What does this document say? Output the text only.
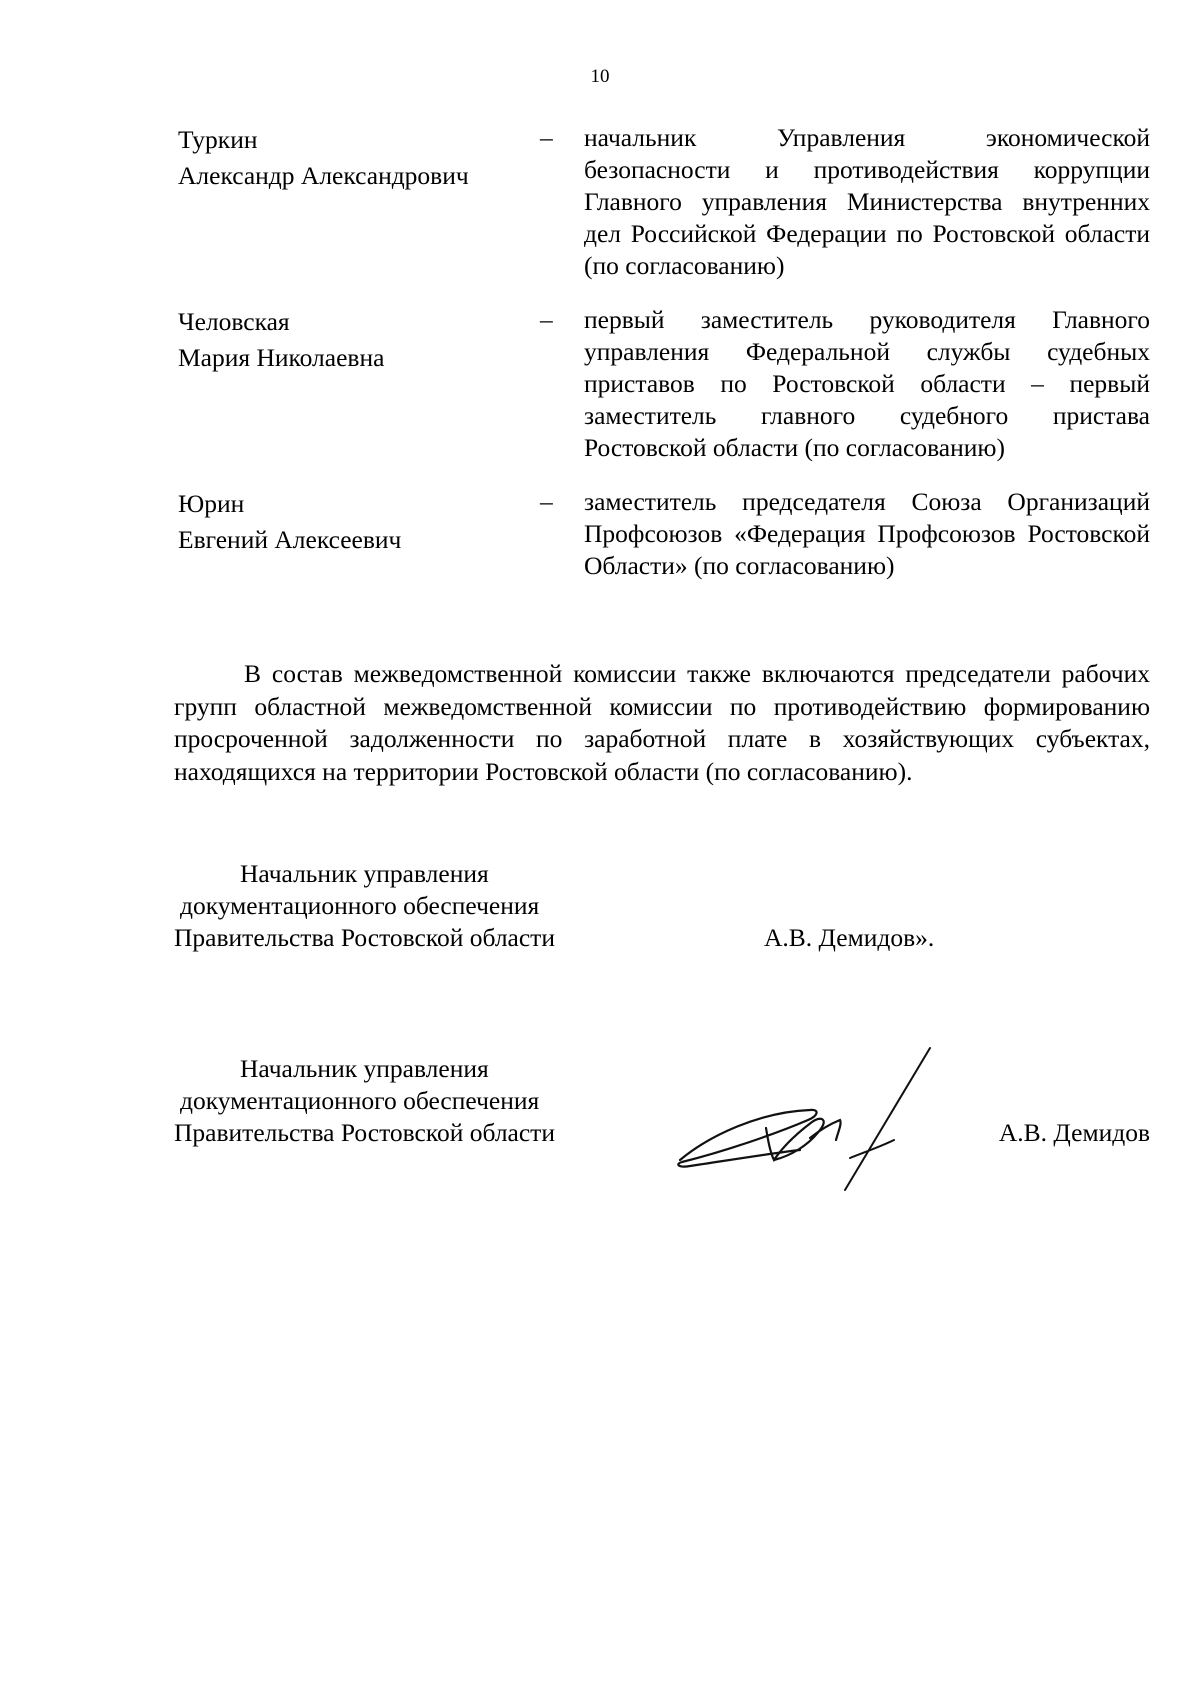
10
Туркин
Александр Александрович
–	начальник Управления экономической безопасности и противодействия коррупции Главного управления Министерства внутренних дел Российской Федерации по Ростовской области (по согласованию)
Человская
Мария Николаевна
–	первый заместитель руководителя Главного управления Федеральной службы судебных приставов по Ростовской области – первый заместитель главного судебного пристава Ростовской области (по согласованию)
Юрин
Евгений Алексеевич
–	заместитель председателя Союза Организаций Профсоюзов «Федерация Профсоюзов Ростовской Области» (по согласованию)

В состав межведомственной комиссии также включаются председатели рабочих групп областной межведомственной комиссии по противодействию формированию просроченной задолженности по заработной плате в хозяйствующих субъектах, находящихся на территории Ростовской области (по согласованию).

Начальник управления
документационного обеспечения
Правительства Ростовской области	А.В. Демидов».
Начальник управления
документационного обеспечения
Правительства Ростовской области	А.В. Демидов
